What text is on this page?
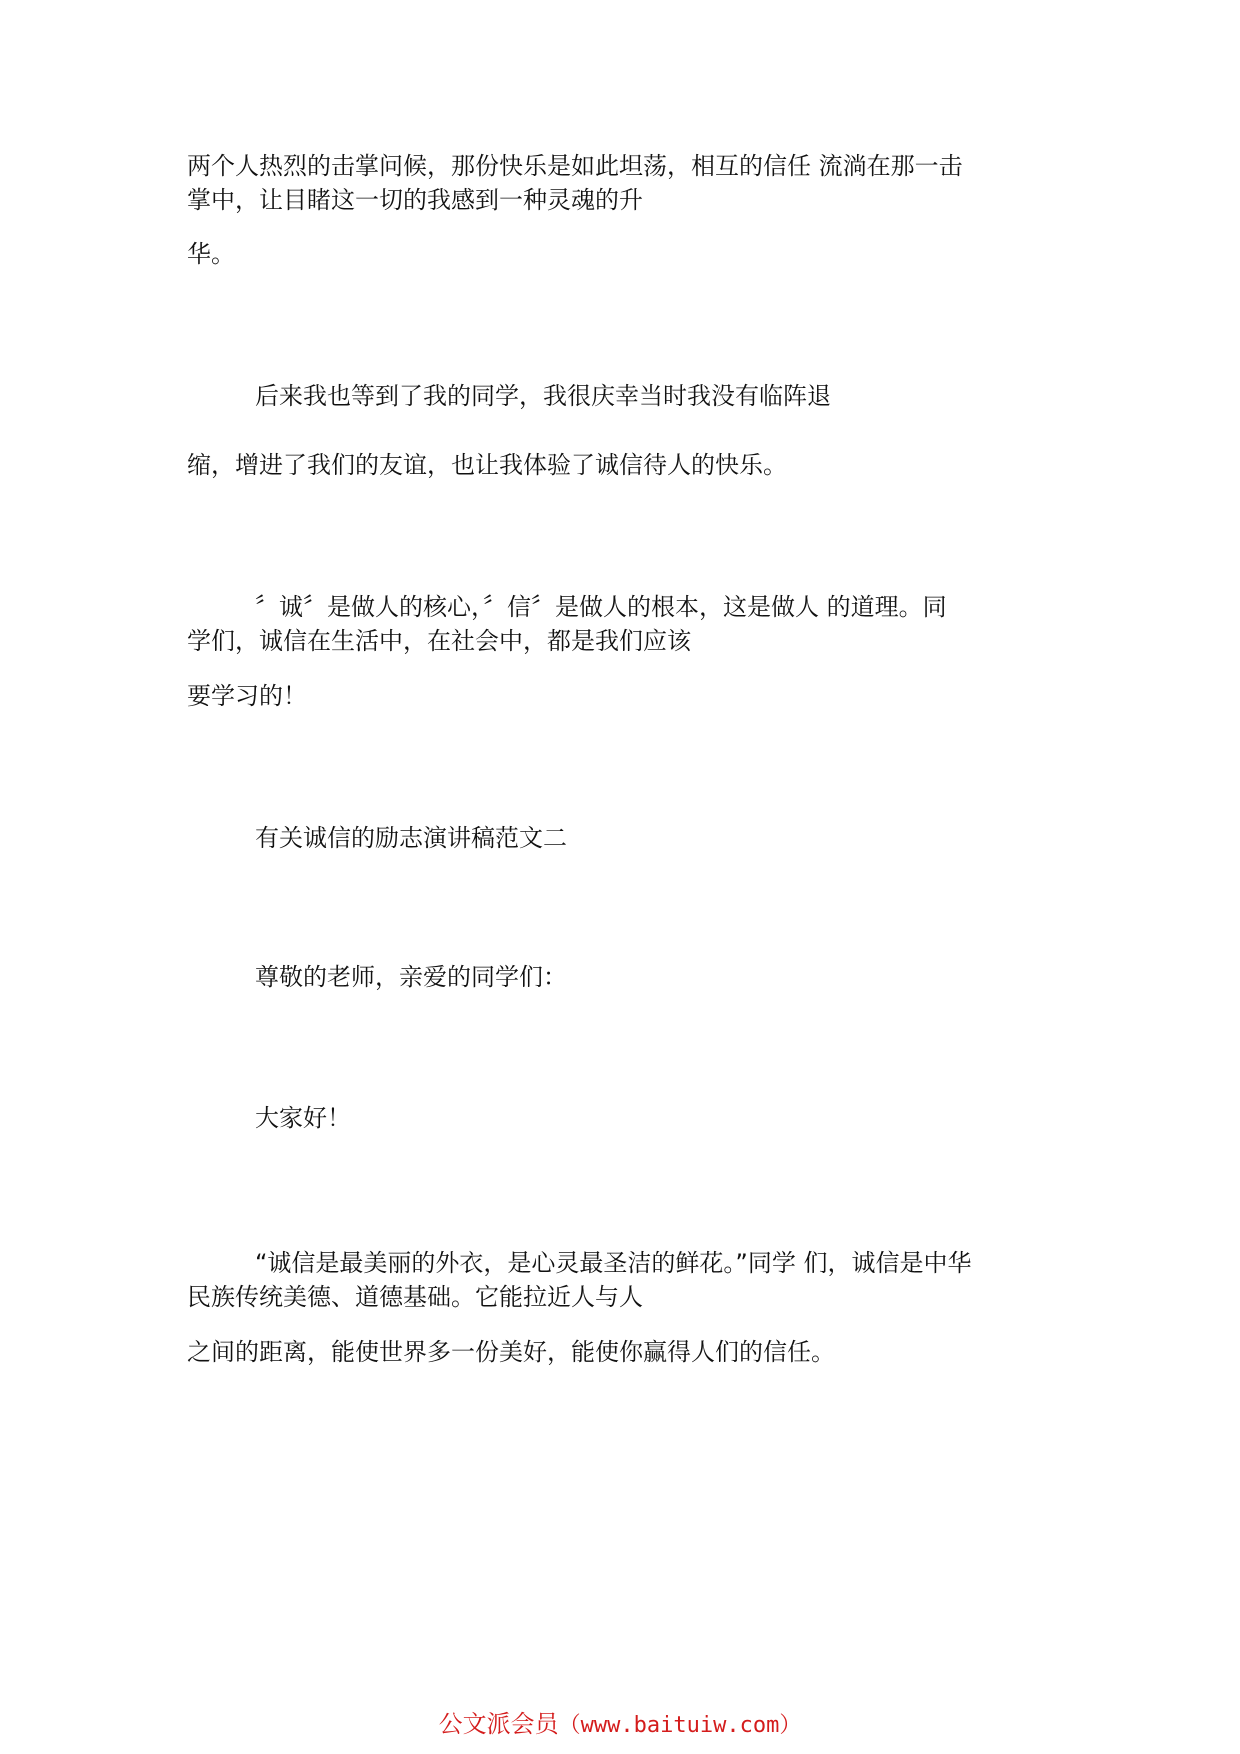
两个人热烈的击掌问候，那份快乐是如此坦荡，相互的信任 流淌在那一击

掌中，让目睹这一切的我感到一种灵魂的升

华。

后来我也等到了我的同学，我很庆幸当时我没有临阵退

缩，增进了我们的友谊，也让我体验了诚信待人的快乐。

〞诚〞是做人的核心，〞信〞是做人的根本，这是做人 的道理。同

学们，诚信在生活中，在社会中，都是我们应该

要学习的！

有关诚信的励志演讲稿范文二

尊敬的老师，亲爱的同学们：

大家好！

“诚信是最美丽的外衣，是心灵最圣洁的鲜花。”同学 们，诚信是中华

民族传统美德、道德基础。它能拉近人与人

之间的距离，能使世界多一份美好，能使你赢得人们的信任。

公文派会员（www.baituiw.com）
